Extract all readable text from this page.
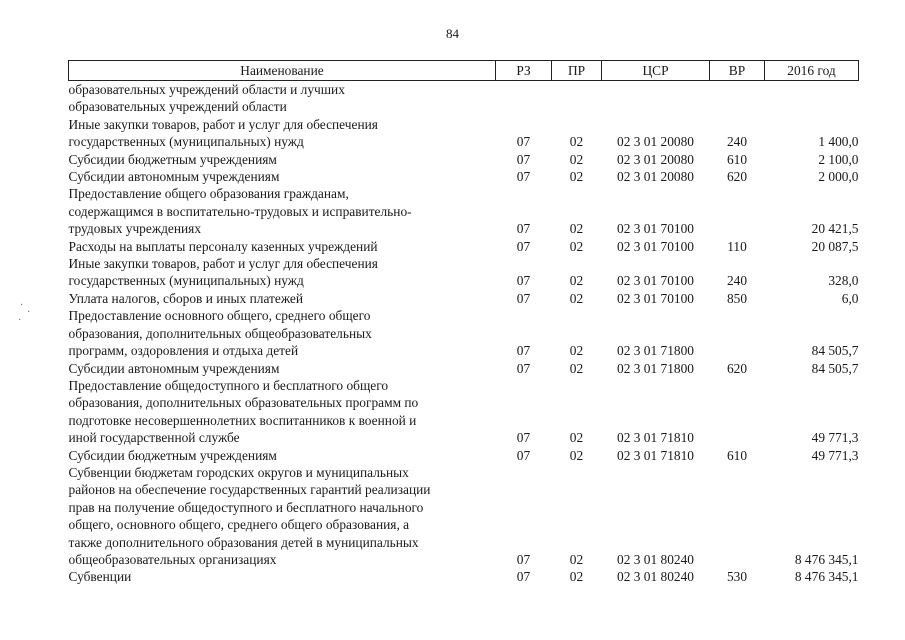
84
·
·
·
Наименование	РЗ	ПР	ЦСР	ВР	2016 год
образовательных учреждений области и лучших					
образовательных учреждений области					
Иные закупки товаров, работ и услуг для обеспечения					
государственных (муниципальных) нужд	07	02	02 3 01 20080	240	1 400,0
Субсидии бюджетным учреждениям	07	02	02 3 01 20080	610	2 100,0
Субсидии автономным учреждениям	07	02	02 3 01 20080	620	2 000,0
Предоставление общего образования гражданам,					
содержащимся в воспитательно-трудовых и исправительно-					
трудовых учреждениях	07	02	02 3 01 70100		20 421,5
Расходы на выплаты персоналу казенных учреждений	07	02	02 3 01 70100	110	20 087,5
Иные закупки товаров, работ и услуг для обеспечения					
государственных (муниципальных) нужд	07	02	02 3 01 70100	240	328,0
Уплата налогов, сборов и иных платежей	07	02	02 3 01 70100	850	6,0
Предоставление основного общего, среднего общего					
образования, дополнительных общеобразовательных					
программ, оздоровления и отдыха детей	07	02	02 3 01 71800		84 505,7
Субсидии автономным учреждениям	07	02	02 3 01 71800	620	84 505,7
Предоставление общедоступного и бесплатного общего					
образования, дополнительных образовательных программ по					
подготовке несовершеннолетних воспитанников к военной и					
иной государственной службе	07	02	02 3 01 71810		49 771,3
Субсидии бюджетным учреждениям	07	02	02 3 01 71810	610	49 771,3
Субвенции бюджетам городских округов и муниципальных					
районов на обеспечение государственных гарантий реализации					
прав на получение общедоступного и бесплатного начального					
общего, основного общего, среднего общего образования, а					
также дополнительного образования детей в муниципальных					
общеобразовательных организациях	07	02	02 3 01 80240		8 476 345,1
Субвенции	07	02	02 3 01 80240	530	8 476 345,1
